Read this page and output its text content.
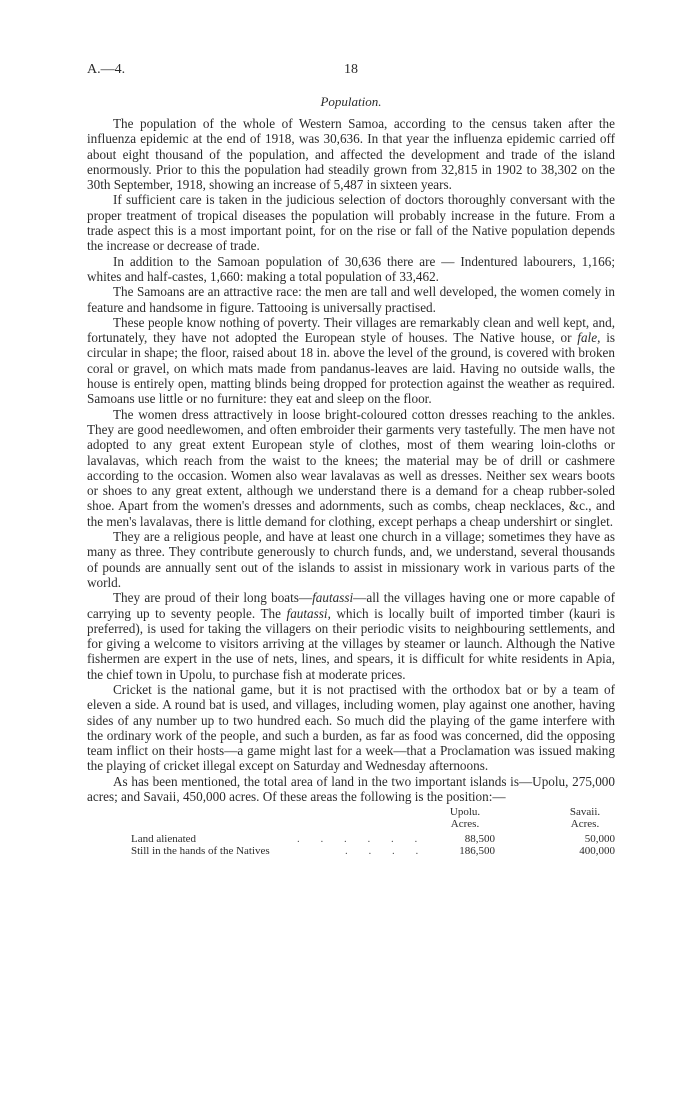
A.—4.	18
Population.

The population of the whole of Western Samoa, according to the census taken after the influenza epidemic at the end of 1918, was 30,636. In that year the influenza epidemic carried off about eight thousand of the population, and affected the development and trade of the island enormously. Prior to this the population had steadily grown from 32,815 in 1902 to 38,302 on the 30th September, 1918, showing an increase of 5,487 in sixteen years.

If sufficient care is taken in the judicious selection of doctors thoroughly conversant with the proper treatment of tropical diseases the population will probably increase in the future. From a trade aspect this is a most important point, for on the rise or fall of the Native population depends the increase or decrease of trade.

In addition to the Samoan population of 30,636 there are — Indentured labourers, 1,166; whites and half-castes, 1,660: making a total population of 33,462.

The Samoans are an attractive race: the men are tall and well developed, the women comely in feature and handsome in figure. Tattooing is universally practised.

These people know nothing of poverty. Their villages are remarkably clean and well kept, and, fortunately, they have not adopted the European style of houses. The Native house, or fale, is circular in shape; the floor, raised about 18 in. above the level of the ground, is covered with broken coral or gravel, on which mats made from pandanus-leaves are laid. Having no outside walls, the house is entirely open, matting blinds being dropped for protection against the weather as required. Samoans use little or no furniture: they eat and sleep on the floor.

The women dress attractively in loose bright-coloured cotton dresses reaching to the ankles. They are good needlewomen, and often embroider their garments very tastefully. The men have not adopted to any great extent European style of clothes, most of them wearing loin-cloths or lavalavas, which reach from the waist to the knees; the material may be of drill or cashmere according to the occasion. Women also wear lavalavas as well as dresses. Neither sex wears boots or shoes to any great extent, although we understand there is a demand for a cheap rubber-soled shoe. Apart from the women's dresses and adornments, such as combs, cheap necklaces, &c., and the men's lavalavas, there is little demand for clothing, except perhaps a cheap undershirt or singlet.

They are a religious people, and have at least one church in a village; sometimes they have as many as three. They contribute generously to church funds, and, we understand, several thousands of pounds are annually sent out of the islands to assist in missionary work in various parts of the world.

They are proud of their long boats—fautassi—all the villages having one or more capable of carrying up to seventy people. The fautassi, which is locally built of imported timber (kauri is preferred), is used for taking the villagers on their periodic visits to neighbouring settlements, and for giving a welcome to visitors arriving at the villages by steamer or launch. Although the Native fishermen are expert in the use of nets, lines, and spears, it is difficult for white residents in Apia, the chief town in Upolu, to purchase fish at moderate prices.

Cricket is the national game, but it is not practised with the orthodox bat or by a team of eleven a side. A round bat is used, and villages, including women, play against one another, having sides of any number up to two hundred each. So much did the playing of the game interfere with the ordinary work of the people, and such a burden, as far as food was concerned, did the opposing team inflict on their hosts—a game might last for a week—that a Proclamation was issued making the playing of cricket illegal except on Saturday and Wednesday afternoons.

As has been mentioned, the total area of land in the two important islands is—Upolu, 275,000 acres; and Savaii, 450,000 acres. Of these areas the following is the position:—

Upolu.
Acres.
Savaii.
Acres.
Land alienated	. . . . . .	88,500	50,000
Still in the hands of the Natives	. . . .	186,500	400,000
